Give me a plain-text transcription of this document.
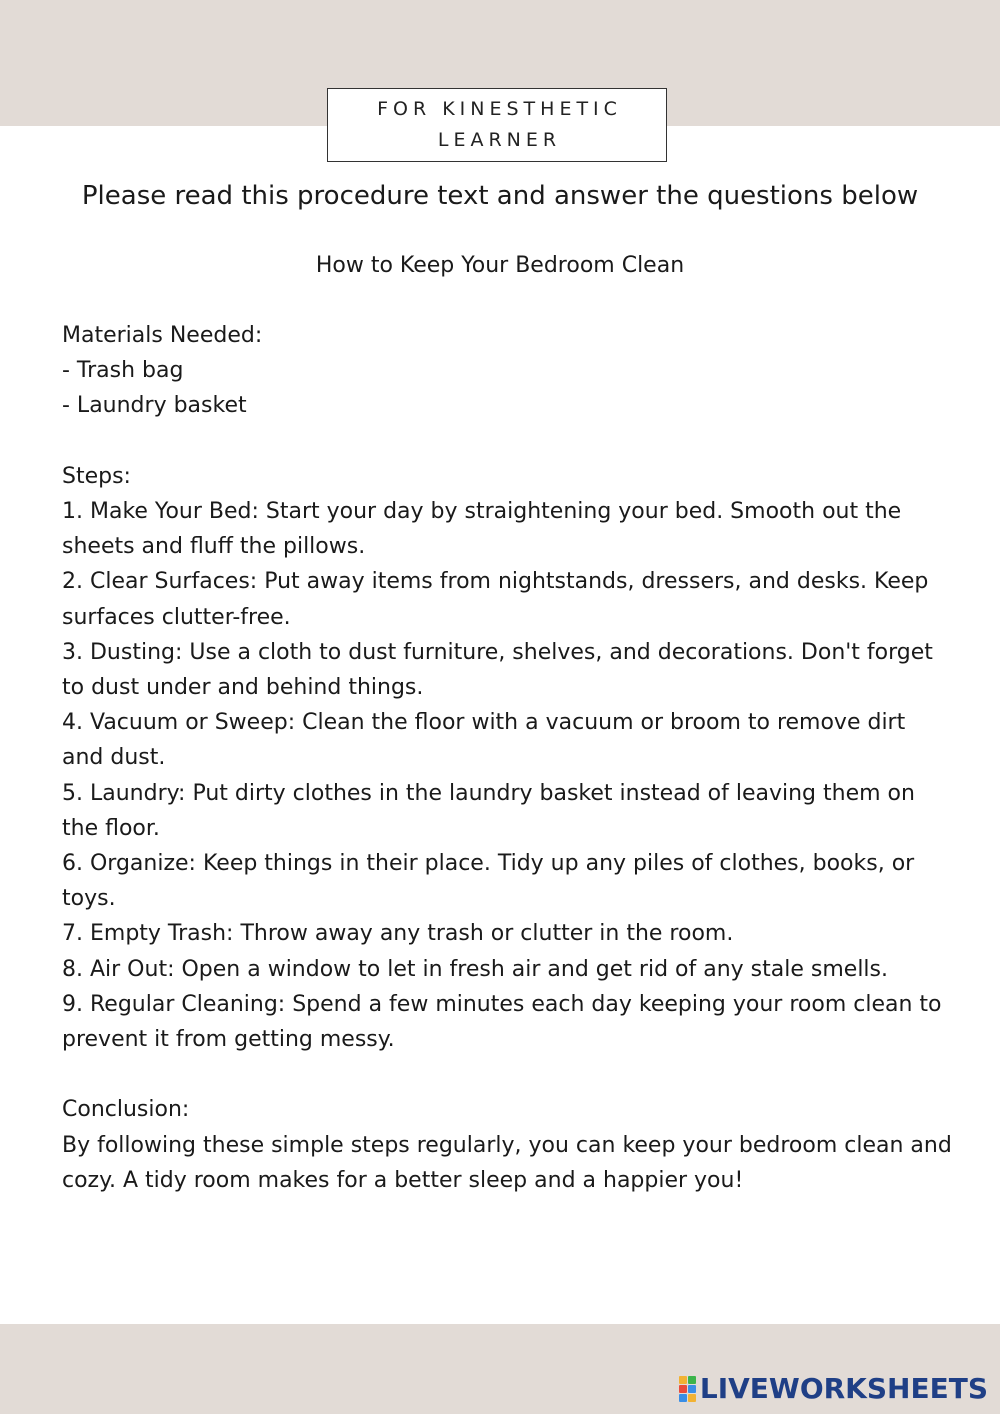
FOR KINESTHETIC
LEARNER
Please read this procedure text and answer the questions below
How to Keep Your Bedroom Clean

Materials Needed:

- Trash bag

- Laundry basket

Steps:

1. Make Your Bed: Start your day by straightening your bed. Smooth out the sheets and fluff the pillows.

2. Clear Surfaces: Put away items from nightstands, dressers, and desks. Keep surfaces clutter-free.

3. Dusting: Use a cloth to dust furniture, shelves, and decorations. Don't forget to dust under and behind things.

4. Vacuum or Sweep: Clean the floor with a vacuum or broom to remove dirt and dust.

5. Laundry: Put dirty clothes in the laundry basket instead of leaving them on the floor.

6. Organize: Keep things in their place. Tidy up any piles of clothes, books, or toys.

7. Empty Trash: Throw away any trash or clutter in the room.

8. Air Out: Open a window to let in fresh air and get rid of any stale smells.

9. Regular Cleaning: Spend a few minutes each day keeping your room clean to prevent it from getting messy.

Conclusion:

By following these simple steps regularly, you can keep your bedroom clean and cozy. A tidy room makes for a better sleep and a happier you!

LIVEWORKSHEETS
